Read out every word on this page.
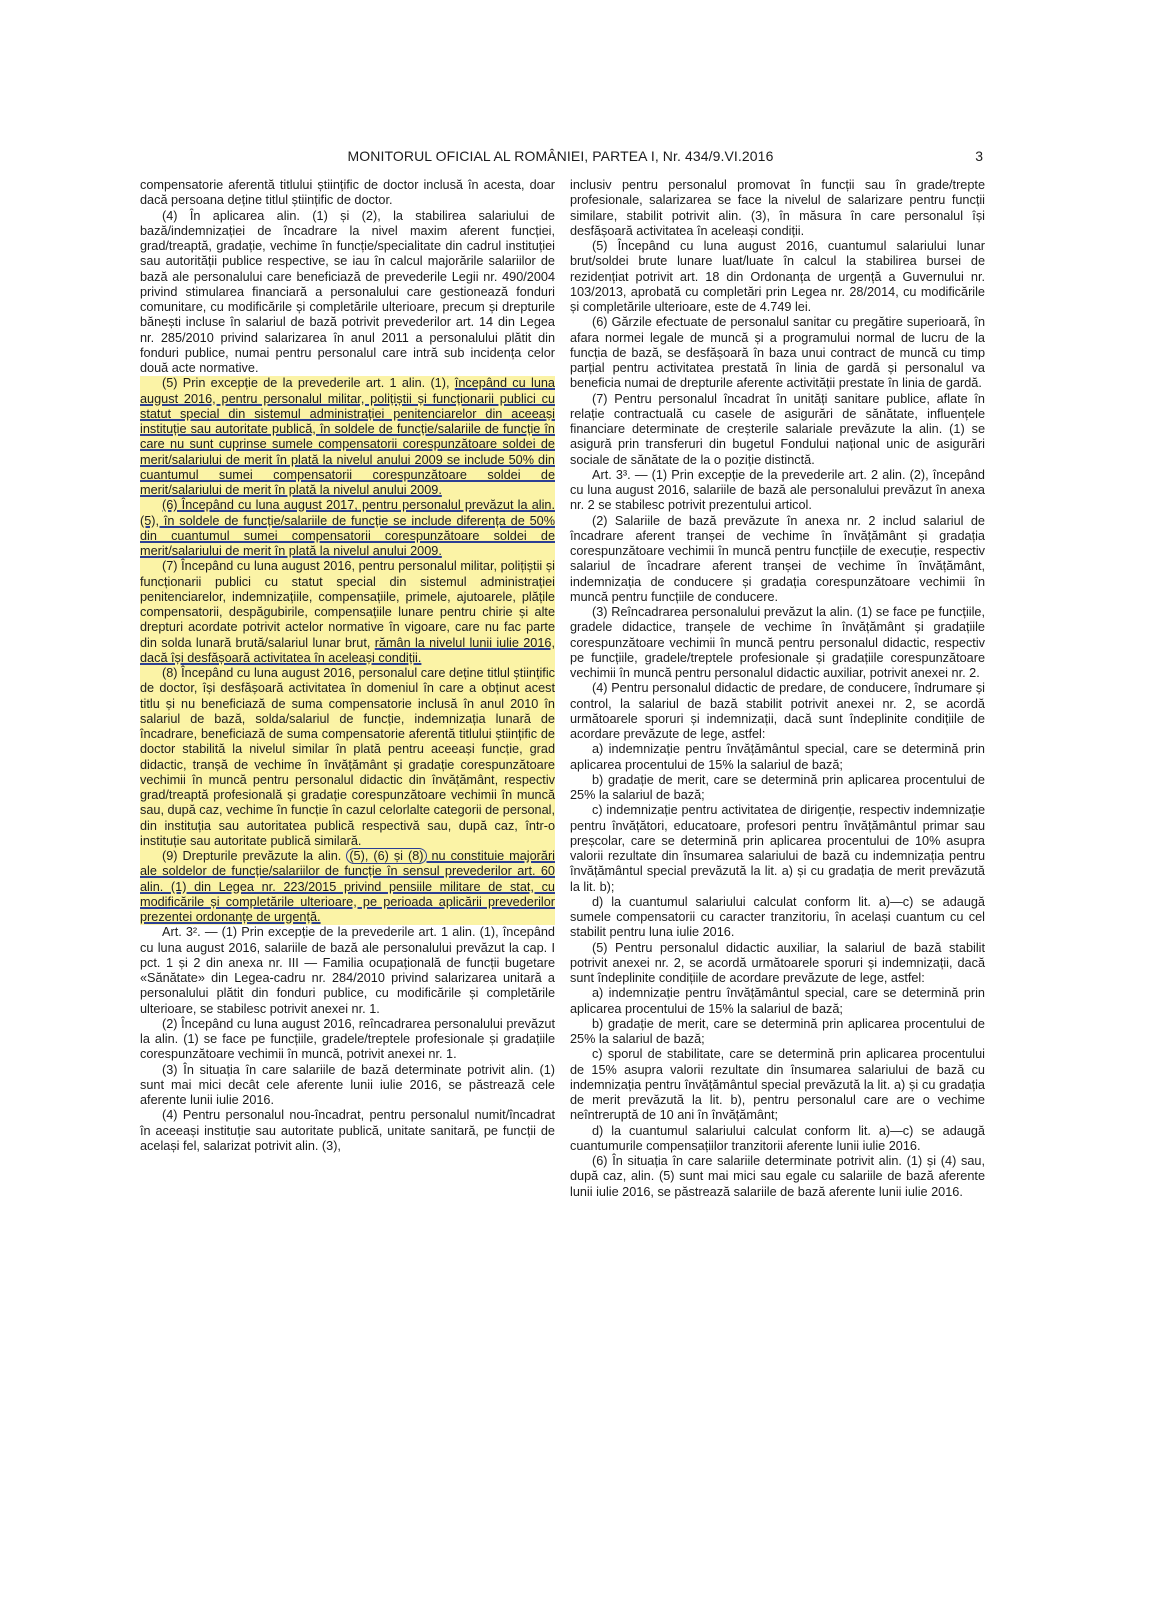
MONITORUL OFICIAL AL ROMÂNIEI, PARTEA I, Nr. 434/9.VI.2016	3

compensatorie aferentă titlului științific de doctor inclusă în acesta, doar dacă persoana deține titlul științific de doctor.

(4) În aplicarea alin. (1) și (2), la stabilirea salariului de bază/indemnizației de încadrare la nivel maxim aferent funcției, grad/treaptă, gradație, vechime în funcție/specialitate din cadrul instituției sau autorității publice respective, se iau în calcul majorările salariilor de bază ale personalului care beneficiază de prevederile Legii nr. 490/2004 privind stimularea financiară a personalului care gestionează fonduri comunitare, cu modificările și completările ulterioare, precum și drepturile bănești incluse în salariul de bază potrivit prevederilor art. 14 din Legea nr. 285/2010 privind salarizarea în anul 2011 a personalului plătit din fonduri publice, numai pentru personalul care intră sub incidența celor două acte normative.

(5) Prin excepție de la prevederile art. 1 alin. (1), începând cu luna august 2016, pentru personalul militar, polițiștii și funcționarii publici cu statut special din sistemul administrației penitenciarelor din aceeași instituție sau autoritate publică, în soldele de funcție/salariile de funcție în care nu sunt cuprinse sumele compensatorii corespunzătoare soldei de merit/salariului de merit în plată la nivelul anului 2009 se include 50% din cuantumul sumei compensatorii corespunzătoare soldei de merit/salariului de merit în plată la nivelul anului 2009.

(6) Începând cu luna august 2017, pentru personalul prevăzut la alin. (5), în soldele de funcție/salariile de funcție se include diferența de 50% din cuantumul sumei compensatorii corespunzătoare soldei de merit/salariului de merit în plată la nivelul anului 2009.

(7) Începând cu luna august 2016, pentru personalul militar, polițiștii și funcționarii publici cu statut special din sistemul administrației penitenciarelor, indemnizațiile, compensațiile, primele, ajutoarele, plățile compensatorii, despăgubirile, compensațiile lunare pentru chirie și alte drepturi acordate potrivit actelor normative în vigoare, care nu fac parte din solda lunară brută/salariul lunar brut, rămân la nivelul lunii iulie 2016, dacă își desfășoară activitatea în aceleași condiții.

(8) Începând cu luna august 2016, personalul care deține titlul științific de doctor, își desfășoară activitatea în domeniul în care a obținut acest titlu și nu beneficiază de suma compensatorie inclusă în anul 2010 în salariul de bază, solda/salariul de funcție, indemnizația lunară de încadrare, beneficiază de suma compensatorie aferentă titlului științific de doctor stabilită la nivelul similar în plată pentru aceeași funcție, grad didactic, tranșă de vechime în învățământ și gradație corespunzătoare vechimii în muncă pentru personalul didactic din învățământ, respectiv grad/treaptă profesională și gradație corespunzătoare vechimii în muncă sau, după caz, vechime în funcție în cazul celorlalte categorii de personal, din instituția sau autoritatea publică respectivă sau, după caz, într-o instituție sau autoritate publică similară.

(9) Drepturile prevăzute la alin. (5), (6) și (8) nu constituie majorări ale soldelor de funcție/salariilor de funcție în sensul prevederilor art. 60 alin. (1) din Legea nr. 223/2015 privind pensiile militare de stat, cu modificările și completările ulterioare, pe perioada aplicării prevederilor prezentei ordonanțe de urgență.

Art. 3². — (1) Prin excepție de la prevederile art. 1 alin. (1), începând cu luna august 2016, salariile de bază ale personalului prevăzut la cap. I pct. 1 și 2 din anexa nr. III — Familia ocupațională de funcții bugetare «Sănătate» din Legea-cadru nr. 284/2010 privind salarizarea unitară a personalului plătit din fonduri publice, cu modificările și completările ulterioare, se stabilesc potrivit anexei nr. 1.

(2) Începând cu luna august 2016, reîncadrarea personalului prevăzut la alin. (1) se face pe funcțiile, gradele/treptele profesionale și gradațiile corespunzătoare vechimii în muncă, potrivit anexei nr. 1.

(3) În situația în care salariile de bază determinate potrivit alin. (1) sunt mai mici decât cele aferente lunii iulie 2016, se păstrează cele aferente lunii iulie 2016.

(4) Pentru personalul nou-încadrat, pentru personalul numit/încadrat în aceeași instituție sau autoritate publică, unitate sanitară, pe funcții de același fel, salarizat potrivit alin. (3),

inclusiv pentru personalul promovat în funcții sau în grade/trepte profesionale, salarizarea se face la nivelul de salarizare pentru funcții similare, stabilit potrivit alin. (3), în măsura în care personalul își desfășoară activitatea în aceleași condiții.

(5) Începând cu luna august 2016, cuantumul salariului lunar brut/soldei brute lunare luat/luate în calcul la stabilirea bursei de rezidențiat potrivit art. 18 din Ordonanța de urgență a Guvernului nr. 103/2013, aprobată cu completări prin Legea nr. 28/2014, cu modificările și completările ulterioare, este de 4.749 lei.

(6) Gărzile efectuate de personalul sanitar cu pregătire superioară, în afara normei legale de muncă și a programului normal de lucru de la funcția de bază, se desfășoară în baza unui contract de muncă cu timp parțial pentru activitatea prestată în linia de gardă și personalul va beneficia numai de drepturile aferente activității prestate în linia de gardă.

(7) Pentru personalul încadrat în unități sanitare publice, aflate în relație contractuală cu casele de asigurări de sănătate, influențele financiare determinate de creșterile salariale prevăzute la alin. (1) se asigură prin transferuri din bugetul Fondului național unic de asigurări sociale de sănătate de la o poziție distinctă.

Art. 3³. — (1) Prin excepție de la prevederile art. 2 alin. (2), începând cu luna august 2016, salariile de bază ale personalului prevăzut în anexa nr. 2 se stabilesc potrivit prezentului articol.

(2) Salariile de bază prevăzute în anexa nr. 2 includ salariul de încadrare aferent tranșei de vechime în învățământ și gradația corespunzătoare vechimii în muncă pentru funcțiile de execuție, respectiv salariul de încadrare aferent tranșei de vechime în învățământ, indemnizația de conducere și gradația corespunzătoare vechimii în muncă pentru funcțiile de conducere.

(3) Reîncadrarea personalului prevăzut la alin. (1) se face pe funcțiile, gradele didactice, tranșele de vechime în învățământ și gradațiile corespunzătoare vechimii în muncă pentru personalul didactic, respectiv pe funcțiile, gradele/treptele profesionale și gradațiile corespunzătoare vechimii în muncă pentru personalul didactic auxiliar, potrivit anexei nr. 2.

(4) Pentru personalul didactic de predare, de conducere, îndrumare și control, la salariul de bază stabilit potrivit anexei nr. 2, se acordă următoarele sporuri și indemnizații, dacă sunt îndeplinite condițiile de acordare prevăzute de lege, astfel:

a) indemnizație pentru învățământul special, care se determină prin aplicarea procentului de 15% la salariul de bază;

b) gradație de merit, care se determină prin aplicarea procentului de 25% la salariul de bază;

c) indemnizație pentru activitatea de dirigenție, respectiv indemnizație pentru învățători, educatoare, profesori pentru învățământul primar sau preșcolar, care se determină prin aplicarea procentului de 10% asupra valorii rezultate din însumarea salariului de bază cu indemnizația pentru învățământul special prevăzută la lit. a) și cu gradația de merit prevăzută la lit. b);

d) la cuantumul salariului calculat conform lit. a)—c) se adaugă sumele compensatorii cu caracter tranzitoriu, în același cuantum cu cel stabilit pentru luna iulie 2016.

(5) Pentru personalul didactic auxiliar, la salariul de bază stabilit potrivit anexei nr. 2, se acordă următoarele sporuri și indemnizații, dacă sunt îndeplinite condițiile de acordare prevăzute de lege, astfel:

a) indemnizație pentru învățământul special, care se determină prin aplicarea procentului de 15% la salariul de bază;

b) gradație de merit, care se determină prin aplicarea procentului de 25% la salariul de bază;

c) sporul de stabilitate, care se determină prin aplicarea procentului de 15% asupra valorii rezultate din însumarea salariului de bază cu indemnizația pentru învățământul special prevăzută la lit. a) și cu gradația de merit prevăzută la lit. b), pentru personalul care are o vechime neîntreruptă de 10 ani în învățământ;

d) la cuantumul salariului calculat conform lit. a)—c) se adaugă cuantumurile compensațiilor tranzitorii aferente lunii iulie 2016.

(6) În situația în care salariile determinate potrivit alin. (1) și (4) sau, după caz, alin. (5) sunt mai mici sau egale cu salariile de bază aferente lunii iulie 2016, se păstrează salariile de bază aferente lunii iulie 2016.
